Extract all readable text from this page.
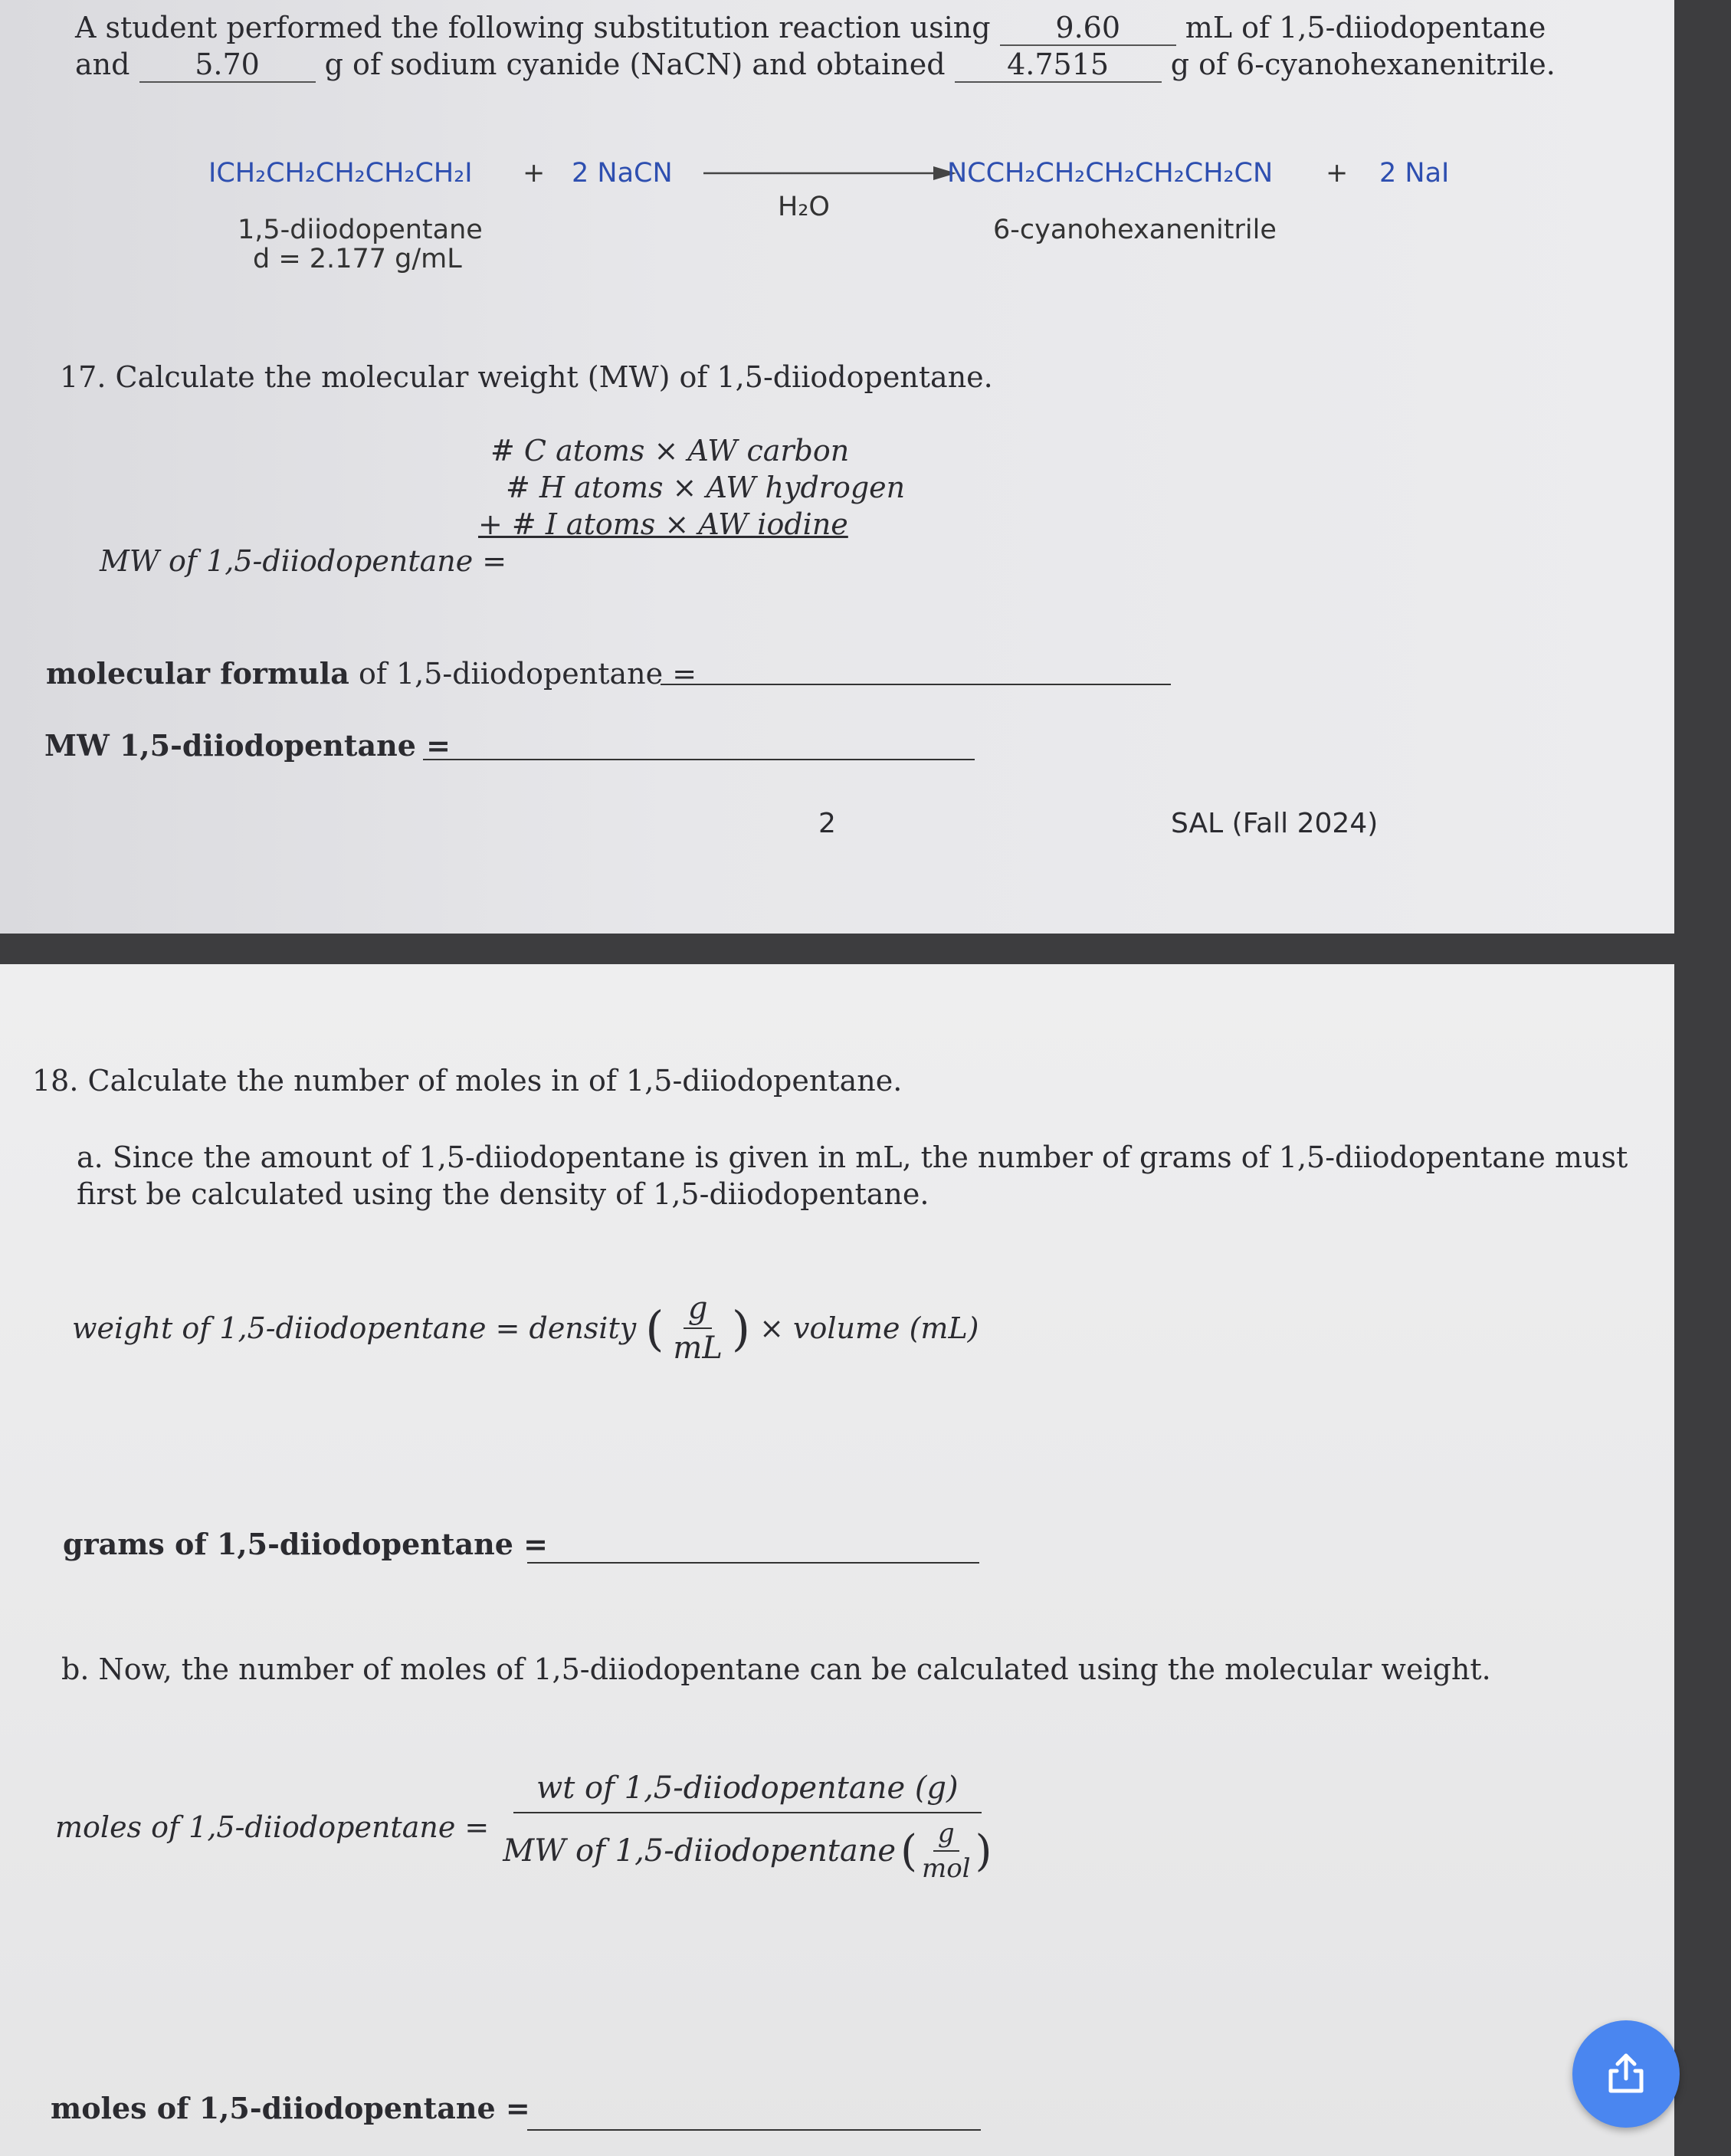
A student performed the following substitution reaction using 9.60 mL of 1,5-diiodopentane
and 5.70 g of sodium cyanide (NaCN) and obtained 4.7515 g of 6-cyanohexanenitrile.
ICH₂CH₂CH₂CH₂CH₂I + 2 NaCN
H₂O
NCCH₂CH₂CH₂CH₂CH₂CN + 2 NaI
1,5-diiodopentane
d = 2.177 g/mL
6-cyanohexanenitrile
17. Calculate the molecular weight (MW) of 1,5-diiodopentane.
# C atoms × AW carbon
# H atoms × AW hydrogen
+ # I atoms × AW iodine
MW of 1,5-diiodopentane =
molecular formula of 1,5-diiodopentane =
MW 1,5-diiodopentane =
2	SAL (Fall 2024)
18. Calculate the number of moles in of 1,5-diiodopentane.
a. Since the amount of 1,5-diiodopentane is given in mL, the number of grams of 1,5-diiodopentane must
first be calculated using the density of 1,5-diiodopentane.
weight of 1,5-diiodopentane = density ( $\frac{g}{mL}$ ) × volume (mL)
grams of 1,5-diiodopentane =
b. Now, the number of moles of 1,5-diiodopentane can be calculated using the molecular weight.
moles of 1,5-diiodopentane =
wt of 1,5-diiodopentane (g)
MW of 1,5-diiodopentane ( $\frac{g}{\text{mol}}$ )
moles of 1,5-diiodopentane =
